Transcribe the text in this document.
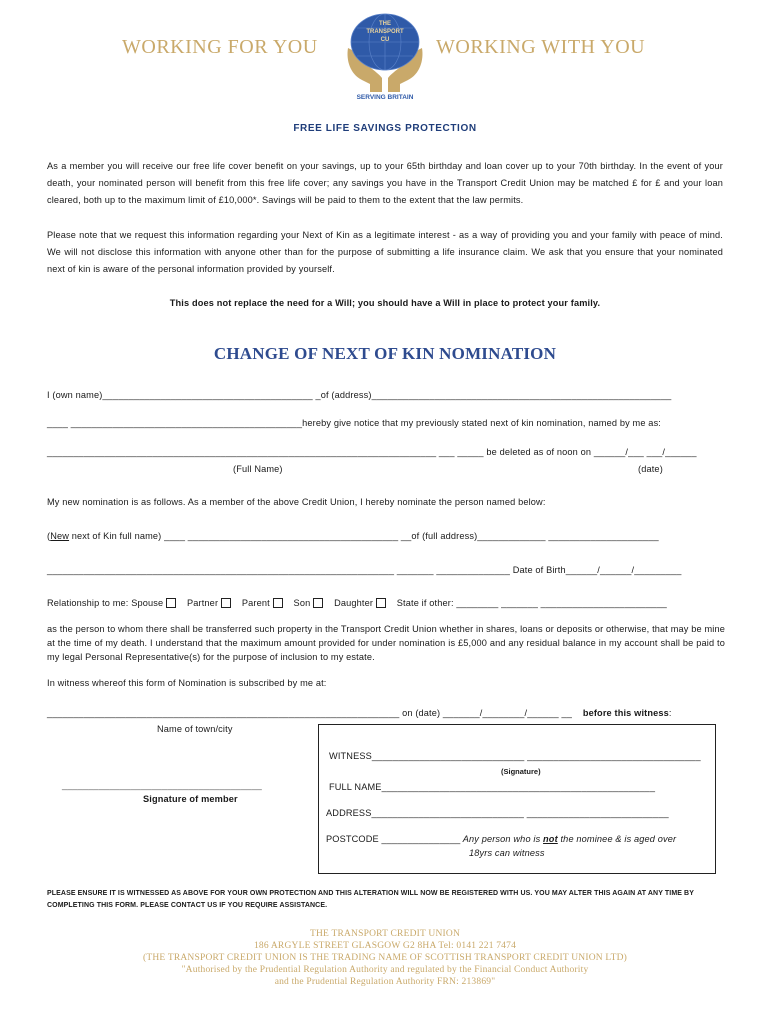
WORKING FOR YOU	WORKING WITH YOU
THE
TRANSPORT
CU
SERVING BRITAIN
FREE LIFE SAVINGS PROTECTION
As a member you will receive our free life cover benefit on your savings, up to your 65th birthday and loan cover up to your 70th birthday. In the event of your death, your nominated person will benefit from this free life cover; any savings you have in the Transport Credit Union may be matched £ for £ and your loan cleared, both up to the maximum limit of £10,000*. Savings will be paid to them to the extent that the law permits.
Please note that we request this information regarding your Next of Kin as a legitimate interest - as a way of providing you and your family with peace of mind. We will not disclose this information with anyone other than for the purpose of submitting a life insurance claim. We ask that you ensure that your nominated next of kin is aware of the personal information provided by yourself.
This does not replace the need for a Will; you should have a Will in place to protect your family.
CHANGE OF NEXT OF KIN NOMINATION
I (own name)________________________________________ _of (address)_________________________________________________________
____ ____________________________________________hereby give notice that my previously stated next of kin nomination, named by me as:
__________________________________________________________________________ ___ _____ be deleted as of noon on ______/___ ___/______
(Full Name)	(date)
My new nomination is as follows. As a member of the above Credit Union, I hereby nominate the person named below:
(New next of Kin full name) ____ ________________________________________ __of (full address)_____________ _____________________
__________________________________________________________________ _______ ______________ Date of Birth______/______/_________
Relationship to me: Spouse	Partner	Parent	Son	Daughter	State if other: ________ _______ ________________________
as the person to whom there shall be transferred such property in the Transport Credit Union whether in shares, loans or deposits or otherwise, that may be mine at the time of my death. I understand that the maximum amount provided for under nomination is £5,000 and any residual balance in my account shall be paid to my legal Personal Representative(s) for the purpose of inclusion to my estate.
In witness whereof this form of Nomination is subscribed by me at:
___________________________________________________________________ on (date) _______/________/______ __ before this witness:
Name of town/city
______________________________________
Signature of member
WITNESS_____________________________ _________________________________
(Signature)
FULL NAME____________________________________________________
ADDRESS_____________________________ ___________________________
POSTCODE _______________ Any person who is not the nominee & is aged over
18yrs can witness
PLEASE ENSURE IT IS WITNESSED AS ABOVE FOR YOUR OWN PROTECTION AND THIS ALTERATION WILL NOW BE REGISTERED WITH US. YOU MAY ALTER THIS AGAIN AT ANY TIME BY COMPLETING THIS FORM. PLEASE CONTACT US IF YOU REQUIRE ASSISTANCE.
THE TRANSPORT CREDIT UNION
186 ARGYLE STREET GLASGOW G2 8HA Tel: 0141 221 7474
(THE TRANSPORT CREDIT UNION IS THE TRADING NAME OF SCOTTISH TRANSPORT CREDIT UNION LTD)
"Authorised by the Prudential Regulation Authority and regulated by the Financial Conduct Authority
and the Prudential Regulation Authority FRN: 213869"
